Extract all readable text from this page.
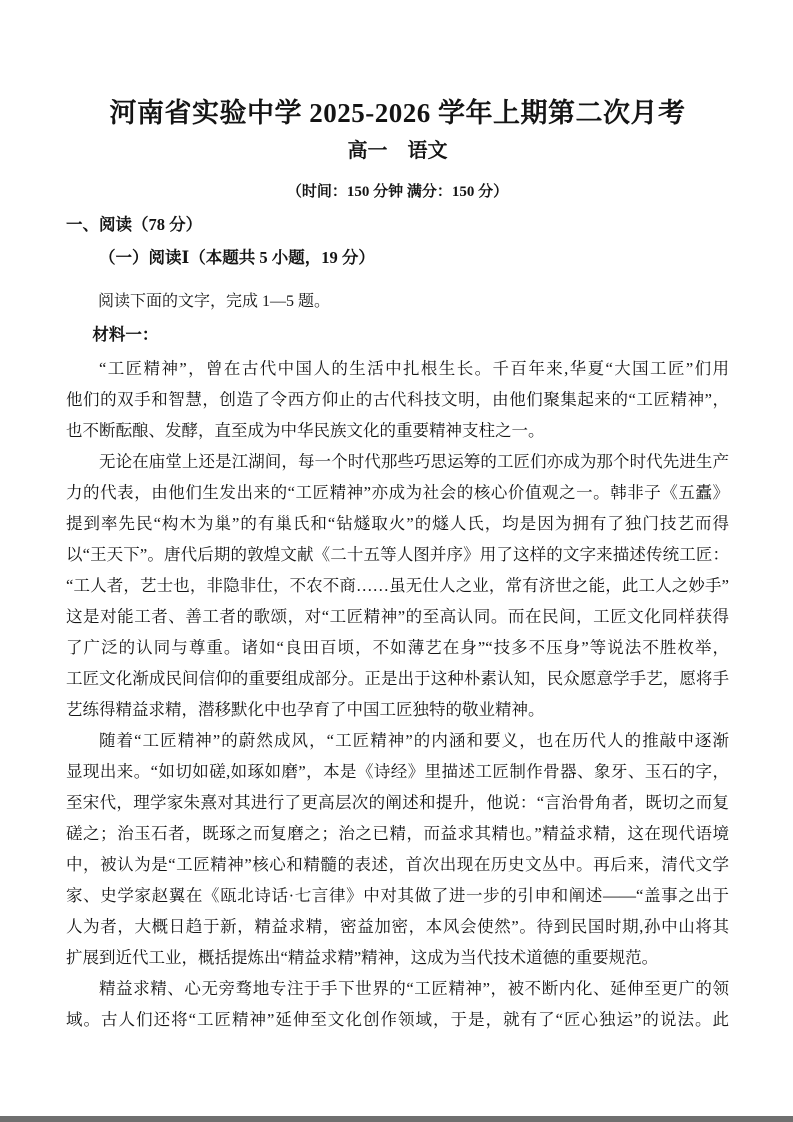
河南省实验中学 2025-2026 学年上期第二次月考
高一　语文
（时间：150 分钟 满分：150 分）
一、阅读（78 分）
（一）阅读Ⅰ（本题共 5 小题，19 分）

阅读下面的文字，完成 1—5 题。

材料一：
“工匠精神”，曾在古代中国人的生活中扎根生长。千百年来,华夏“大国工匠”们用
他们的双手和智慧，创造了令西方仰止的古代科技文明，由他们聚集起来的“工匠精神”，
也不断酝酿、发酵，直至成为中华民族文化的重要精神支柱之一。
无论在庙堂上还是江湖间，每一个时代那些巧思运筹的工匠们亦成为那个时代先进生产
力的代表，由他们生发出来的“工匠精神”亦成为社会的核心价值观之一。韩非子《五蠹》
提到率先民“构木为巢”的有巢氏和“钻燧取火”的燧人氏，均是因为拥有了独门技艺而得
以“王天下”。唐代后期的敦煌文献《二十五等人图并序》用了这样的文字来描述传统工匠：
“工人者，艺士也，非隐非仕，不农不商……虽无仕人之业，常有济世之能，此工人之妙手”
这是对能工者、善工者的歌颂，对“工匠精神”的至高认同。而在民间，工匠文化同样获得
了广泛的认同与尊重。诸如“良田百顷，不如薄艺在身”“技多不压身”等说法不胜枚举，
工匠文化渐成民间信仰的重要组成部分。正是出于这种朴素认知，民众愿意学手艺，愿将手
艺练得精益求精，潜移默化中也孕育了中国工匠独特的敬业精神。
随着“工匠精神”的蔚然成风，“工匠精神”的内涵和要义，也在历代人的推敲中逐渐
显现出来。“如切如磋,如琢如磨”，本是《诗经》里描述工匠制作骨器、象牙、玉石的字，
至宋代，理学家朱熹对其进行了更高层次的阐述和提升，他说：“言治骨角者，既切之而复
磋之；治玉石者，既琢之而复磨之；治之已精，而益求其精也。”精益求精，这在现代语境
中，被认为是“工匠精神”核心和精髓的表述，首次出现在历史文丛中。再后来，清代文学
家、史学家赵翼在《瓯北诗话·七言律》中对其做了进一步的引申和阐述——“盖事之出于
人为者，大概日趋于新，精益求精，密益加密，本风会使然”。待到民国时期,孙中山将其
扩展到近代工业，概括提炼出“精益求精”精神，这成为当代技术道德的重要规范。
精益求精、心无旁骛地专注于手下世界的“工匠精神”，被不断内化、延伸至更广的领
域。古人们还将“工匠精神”延伸至文化创作领域，于是，就有了“匠心独运”的说法。此
